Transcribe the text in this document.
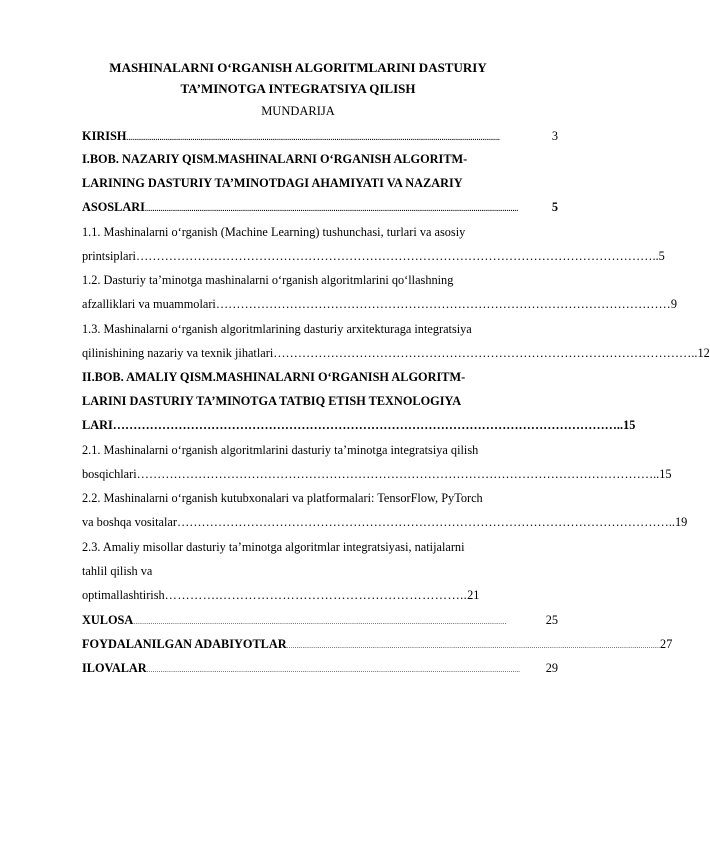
MASHINALARNI O‘RGANISH ALGORITMLARINI DASTURIY
TA’MINOTGA INTEGRATSIYA QILISH
MUNDARIJA
KIRISH ................................................................................................................................................................................................	3
I.BOB. NAZARIY QISM.MASHINALARNI O‘RGANISH ALGORITM-
LARINING DASTURIY TA’MINOTDAGI AHAMIYATI VA NAZARIY
ASOSLARI ................................................................................................................................................................................................	5
1.1. Mashinalarni o‘rganish (Machine Learning) tushunchasi, turlari va asosiy
printsiplari ……………………………………………………………………………………………………………….. 5
1.2. Dasturiy ta’minotga mashinalarni o‘rganish algoritmlarini qo‘llashning
afzalliklari va muammolari ………………………………………………………………………………………………… 9
1.3. Mashinalarni o‘rganish algoritmlarining dasturiy arxitekturaga integratsiya
qilinishining nazariy va texnik jihatlari ………………………………………………………………………………………….. 12
II.BOB. AMALIY QISM.MASHINALARNI O‘RGANISH ALGORITM-
LARINI DASTURIY TA’MINOTGA TATBIQ ETISH TEXNOLOGIYA
LARI …………………………………………………………………………………………………………….. 15
2.1. Mashinalarni o‘rganish algoritmlarini dasturiy ta’minotga integratsiya qilish
bosqichlari ……………………………………………………………………………………………………………….. 15
2.2. Mashinalarni o‘rganish kutubxonalari va platformalari: TensorFlow, PyTorch
va boshqa vositalar ………………………………………………………………………………………………………….. 19
2.3. Amaliy misollar dasturiy ta’minotga algoritmlar integratsiyasi, natijalarni
tahlil qilish va
optimallashtirish………….…………………………………………………..21
XULOSA ................................................................................................................................................................................................	25
FOYDALANILGAN ADABIYOTLAR ................................................................................................................................................................................................ 27
ILOVALAR ................................................................................................................................................................................................	29
